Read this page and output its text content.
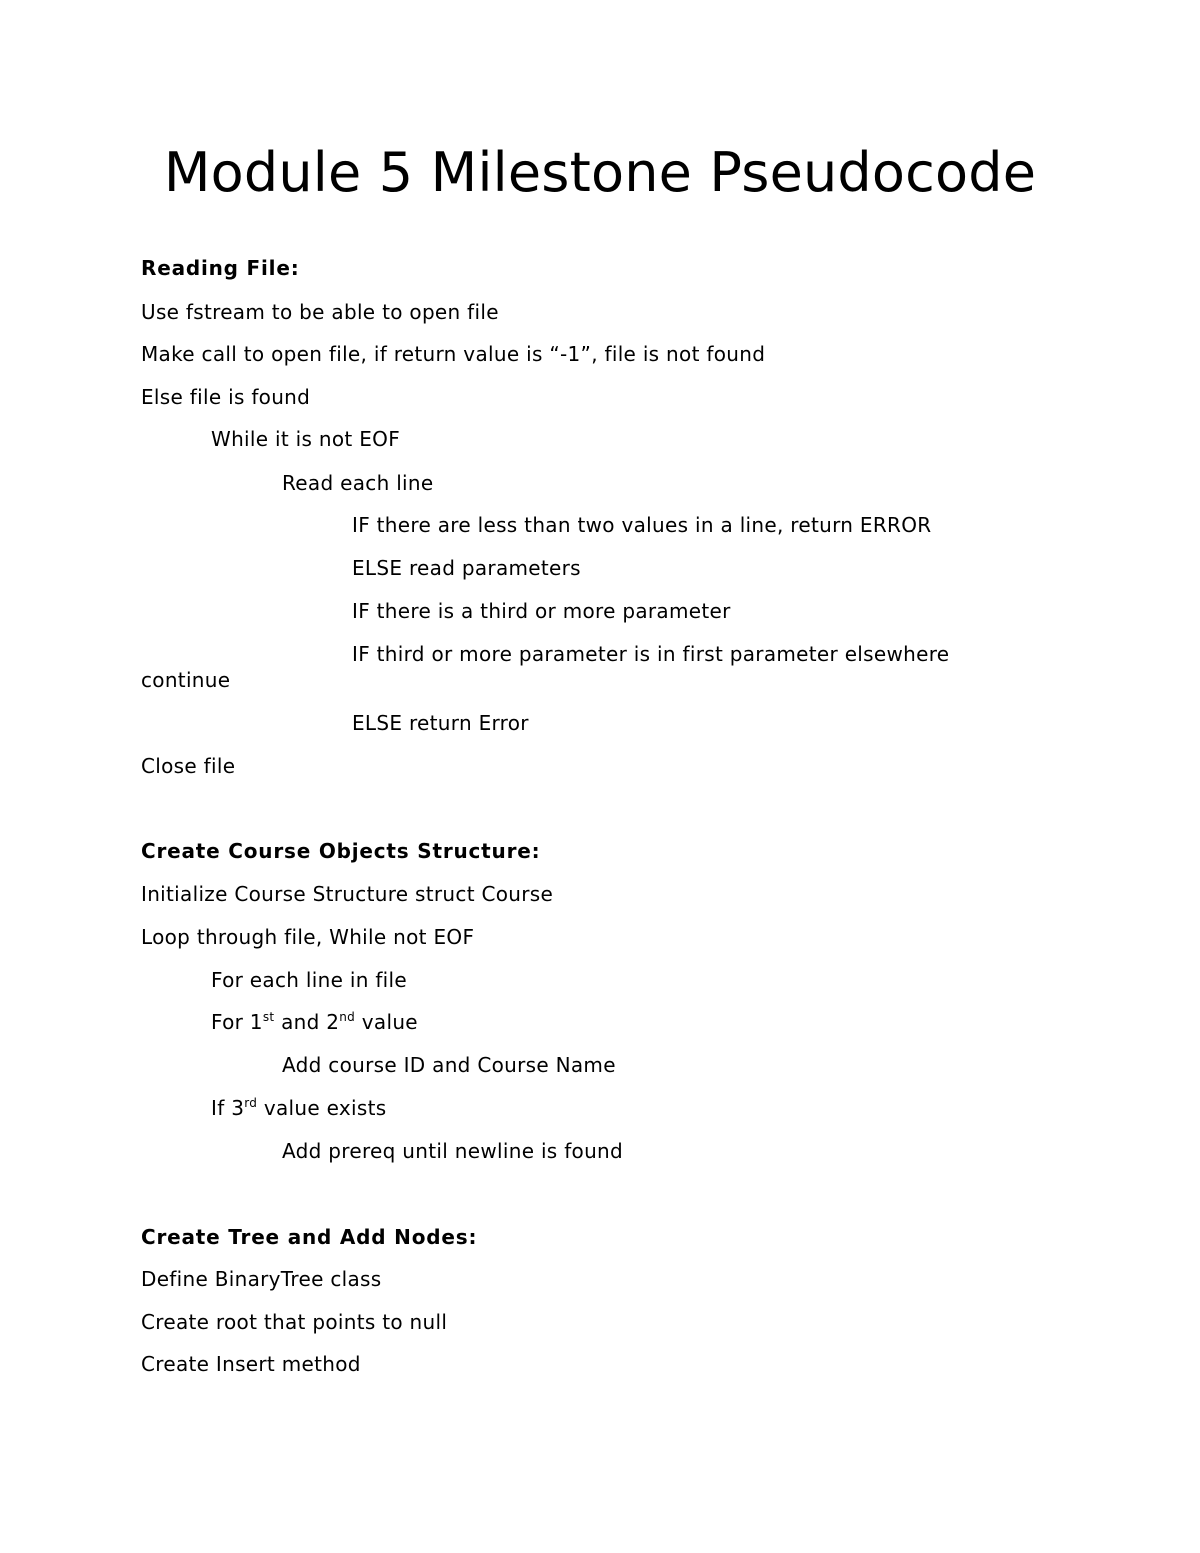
Module 5 Milestone Pseudocode
Reading File:
Use fstream to be able to open file
Make call to open file, if return value is “-1”, file is not found
Else file is found
While it is not EOF
Read each line
IF there are less than two values in a line, return ERROR
ELSE read parameters
IF there is a third or more parameter
IF third or more parameter is in first parameter elsewhere
continue
ELSE return Error
Close file
Create Course Objects Structure:
Initialize Course Structure struct Course
Loop through file, While not EOF
For each line in file
For 1st and 2nd value
Add course ID and Course Name
If 3rd value exists
Add prereq until newline is found
Create Tree and Add Nodes:
Define BinaryTree class
Create root that points to null
Create Insert method
